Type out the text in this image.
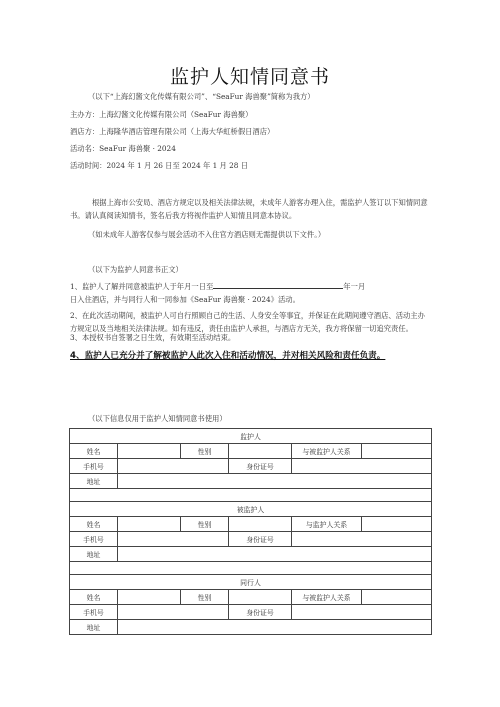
监护人知情同意书
（以下“上海幻酱文化传媒有限公司”、“SeaFur 海兽聚”简称为我方）
主办方：上海幻酱文化传媒有限公司（SeaFur 海兽聚）
酒店方：上海隆华酒店管理有限公司（上海大华虹桥假日酒店）
活动名：SeaFur 海兽聚 · 2024
活动时间：2024 年 1 月 26 日至 2024 年 1 月 28 日
根据上海市公安局、酒店方规定以及相关法律法规，未成年人游客办理入住，需监护人签订以下知情同意书。请认真阅读知情书，签名后我方将视作监护人知情且同意本协议。
（如未成年人游客仅参与展会活动不入住官方酒店则无需提供以下文件。）
（以下为监护人同意书正文）
1、监护人了解并同意被监护人于年月一日至	年一月
日入住酒店，并与同行人和一同参加《SeaFur 海兽聚 · 2024》活动。
2、在此次活动期间，被监护人可自行照顾自己的生活、人身安全等事宜，并保证在此期间遵守酒店、活动主办方规定以及当地相关法律法规。如有违反，责任由监护人承担，与酒店方无关，我方将保留一切追究责任。
3、本授权书自签署之日生效，有效期至活动结束。
4、监护人已充分并了解被监护人此次入住和活动情况，并对相关风险和责任负责。
（以下信息仅用于监护人知情同意书使用）
监护人					
姓名		性别		与被监护人关系	
手机号			身份证号		
地址					

被监护人					
姓名		性别		与监护人关系	
手机号			身份证号		
地址					

同行人					
姓名		性别		与被监护人关系	
手机号			身份证号		
地址					
